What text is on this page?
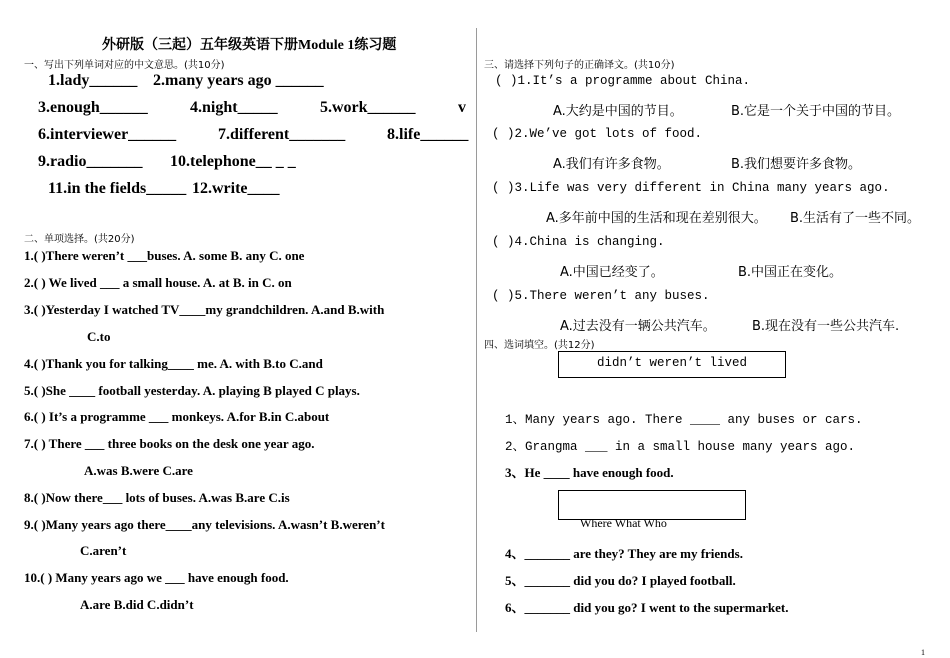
外研版（三起）五年级英语下册Module 1练习题
一、写出下列单词对应的中文意思。(共10分)
1.lady______ 2.many years ago ______
3.enough______	4.night_____	5.work______	v
6.interviewer______	7.different_______	8.life______
9.radio_______ 10.telephone__ _ _
11.in the fields_____ 12.write____
二、单项选择。(共20分)
1.( )There weren’t ___buses. A. some B. any C. one
2.( ) We lived ___ a small house. A. at B. in C. on
3.( )Yesterday I watched TV____my grandchildren. A.and B.with
C.to
4.( )Thank you for talking____ me. A. with B.to C.and
5.( )She ____ football yesterday. A. playing B played C plays.
6.( ) It’s a programme ___ monkeys. A.for B.in C.about
7.( ) There ___ three books on the desk one year ago.
A.was B.were C.are
8.( )Now there___ lots of buses. A.was B.are C.is
9.( )Many years ago there____any televisions. A.wasn’t B.weren’t
C.aren’t
10.( ) Many years ago we ___ have enough food.
A.are B.did C.didn’t
三、请选择下列句子的正确译文。(共10分)
( )1.It’s a programme about China.
A.大约是中国的节目。	B.它是一个关于中国的节目。
( )2.We’ve got lots of food.
A.我们有许多食物。	B.我们想要许多食物。
( )3.Life was very different in China many years ago.
A.多年前中国的生活和现在差别很大。 B.生活有了一些不同。
( )4.China is changing.
A.中国已经变了。	B.中国正在变化。
( )5.There weren’t any buses.
A.过去没有一辆公共汽车。	B.现在没有一些公共汽车.
四、选词填空。(共12分)
didn’t weren’t lived
1、Many years ago. There ____ any buses or cars.
2、Grangma ___ in a small house many years ago.
3、He ____ have enough food.
Where What Who
4、_______ are they? They are my friends.
5、_______ did you do? I played football.
6、_______ did you go? I went to the supermarket.
1
